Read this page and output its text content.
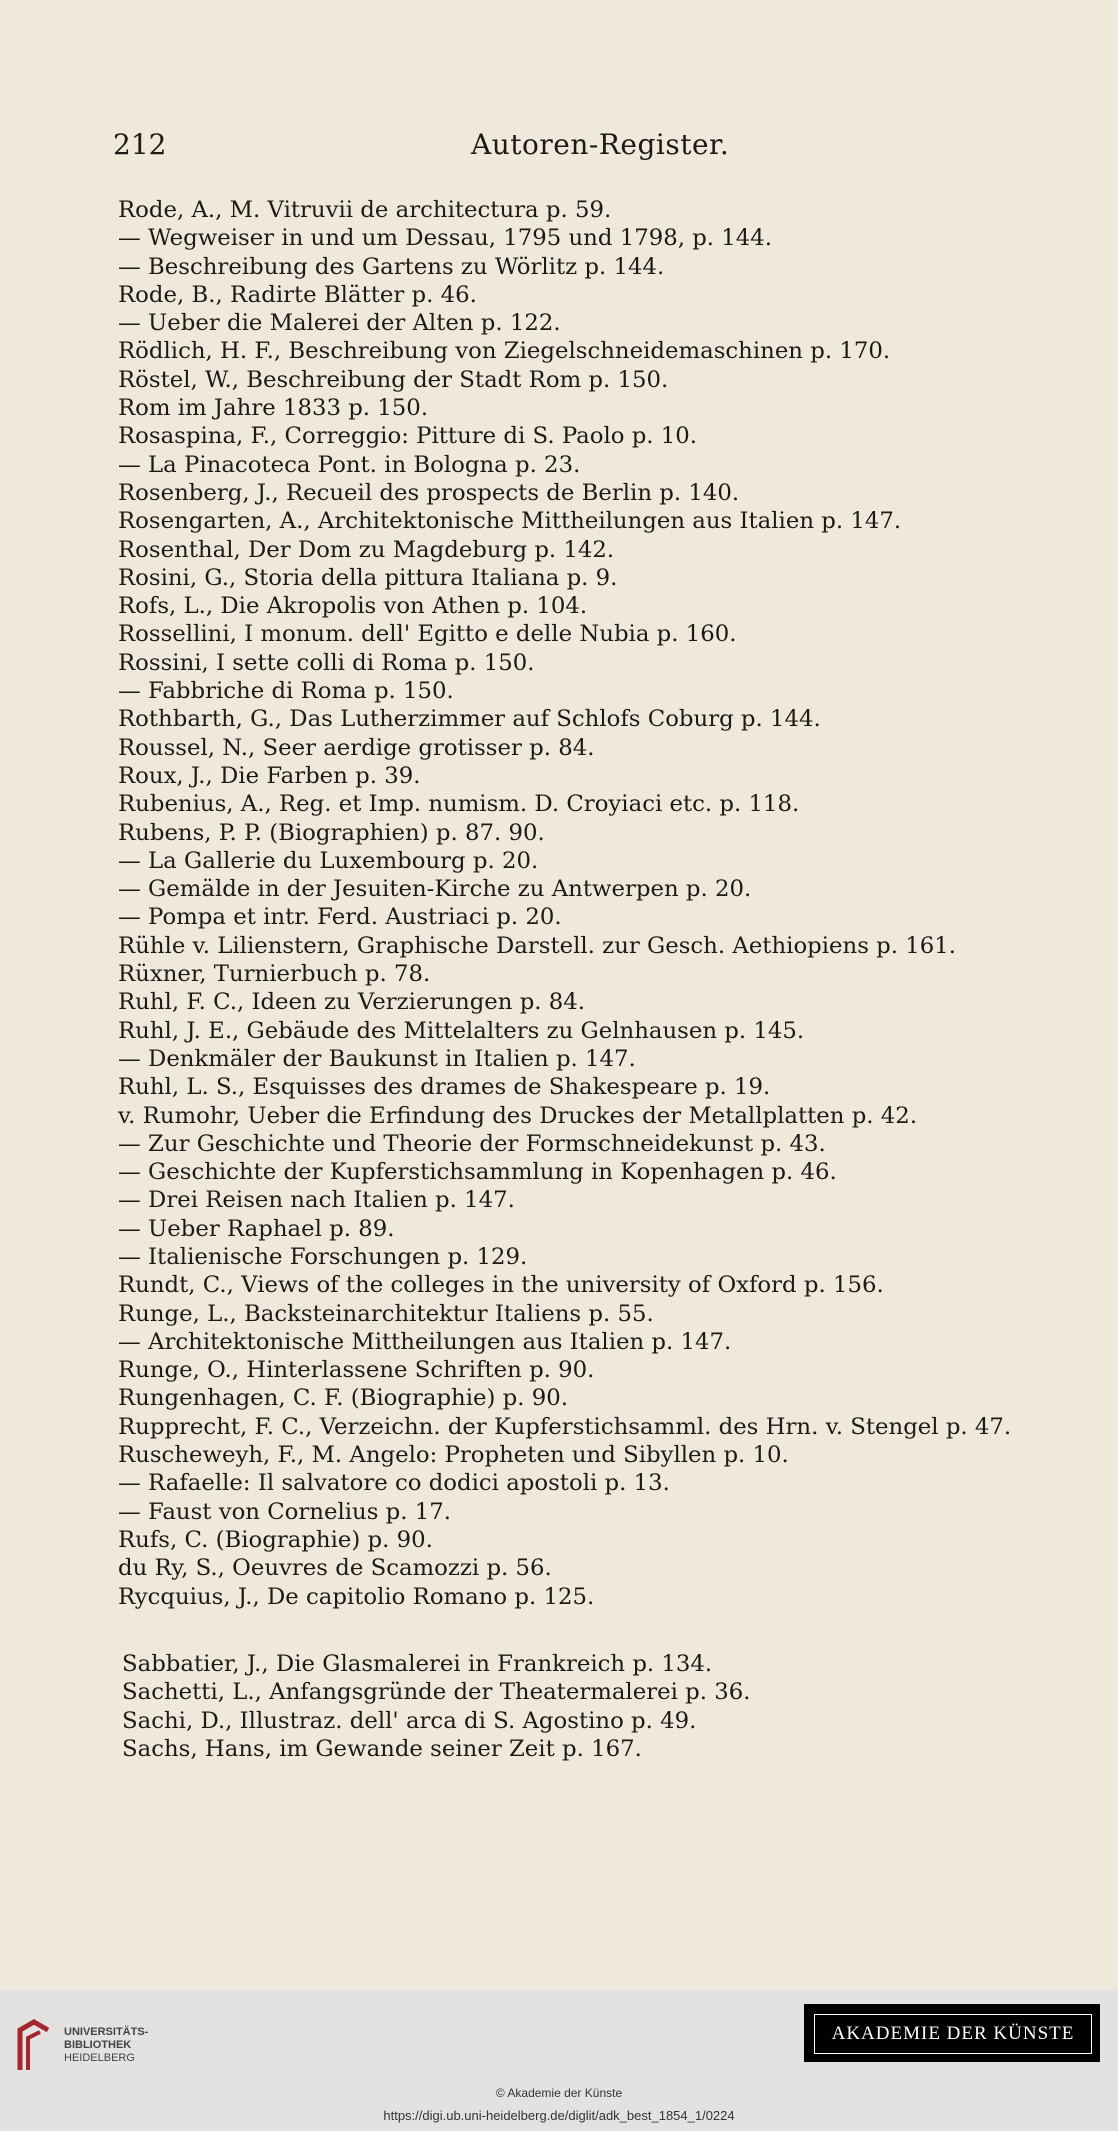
212	Autoren-Register.
Rode, A., M. Vitruvii de architectura p. 59.
— Wegweiser in und um Dessau, 1795 und 1798, p. 144.
— Beschreibung des Gartens zu Wörlitz p. 144.
Rode, B., Radirte Blätter p. 46.
— Ueber die Malerei der Alten p. 122.
Rödlich, H. F., Beschreibung von Ziegelschneidemaschinen p. 170.
Röstel, W., Beschreibung der Stadt Rom p. 150.
Rom im Jahre 1833 p. 150.
Rosaspina, F., Correggio: Pitture di S. Paolo p. 10.
— La Pinacoteca Pont. in Bologna p. 23.
Rosenberg, J., Recueil des prospects de Berlin p. 140.
Rosengarten, A., Architektonische Mittheilungen aus Italien p. 147.
Rosenthal, Der Dom zu Magdeburg p. 142.
Rosini, G., Storia della pittura Italiana p. 9.
Rofs, L., Die Akropolis von Athen p. 104.
Rossellini, I monum. dell' Egitto e delle Nubia p. 160.
Rossini, I sette colli di Roma p. 150.
— Fabbriche di Roma p. 150.
Rothbarth, G., Das Lutherzimmer auf Schlofs Coburg p. 144.
Roussel, N., Seer aerdige grotisser p. 84.
Roux, J., Die Farben p. 39.
Rubenius, A., Reg. et Imp. numism. D. Croyiaci etc. p. 118.
Rubens, P. P. (Biographien) p. 87. 90.
— La Gallerie du Luxembourg p. 20.
— Gemälde in der Jesuiten-Kirche zu Antwerpen p. 20.
— Pompa et intr. Ferd. Austriaci p. 20.
Rühle v. Lilienstern, Graphische Darstell. zur Gesch. Aethiopiens p. 161.
Rüxner, Turnierbuch p. 78.
Ruhl, F. C., Ideen zu Verzierungen p. 84.
Ruhl, J. E., Gebäude des Mittelalters zu Gelnhausen p. 145.
— Denkmäler der Baukunst in Italien p. 147.
Ruhl, L. S., Esquisses des drames de Shakespeare p. 19.
v. Rumohr, Ueber die Erfindung des Druckes der Metallplatten p. 42.
— Zur Geschichte und Theorie der Formschneidekunst p. 43.
— Geschichte der Kupferstichsammlung in Kopenhagen p. 46.
— Drei Reisen nach Italien p. 147.
— Ueber Raphael p. 89.
— Italienische Forschungen p. 129.
Rundt, C., Views of the colleges in the university of Oxford p. 156.
Runge, L., Backsteinarchitektur Italiens p. 55.
— Architektonische Mittheilungen aus Italien p. 147.
Runge, O., Hinterlassene Schriften p. 90.
Rungenhagen, C. F. (Biographie) p. 90.
Rupprecht, F. C., Verzeichn. der Kupferstichsamml. des Hrn. v. Stengel p. 47.
Ruscheweyh, F., M. Angelo: Propheten und Sibyllen p. 10.
— Rafaelle: Il salvatore co dodici apostoli p. 13.
— Faust von Cornelius p. 17.
Rufs, C. (Biographie) p. 90.
du Ry, S., Oeuvres de Scamozzi p. 56.
Rycquius, J., De capitolio Romano p. 125.
Sabbatier, J., Die Glasmalerei in Frankreich p. 134.
Sachetti, L., Anfangsgründe der Theatermalerei p. 36.
Sachi, D., Illustraz. dell' arca di S. Agostino p. 49.
Sachs, Hans, im Gewande seiner Zeit p. 167.
UNIVERSITÄTS-
BIBLIOTHEK
HEIDELBERG
AKADEMIE DER KÜNSTE
© Akademie der Künste
https://digi.ub.uni-heidelberg.de/diglit/adk_best_1854_1/0224
